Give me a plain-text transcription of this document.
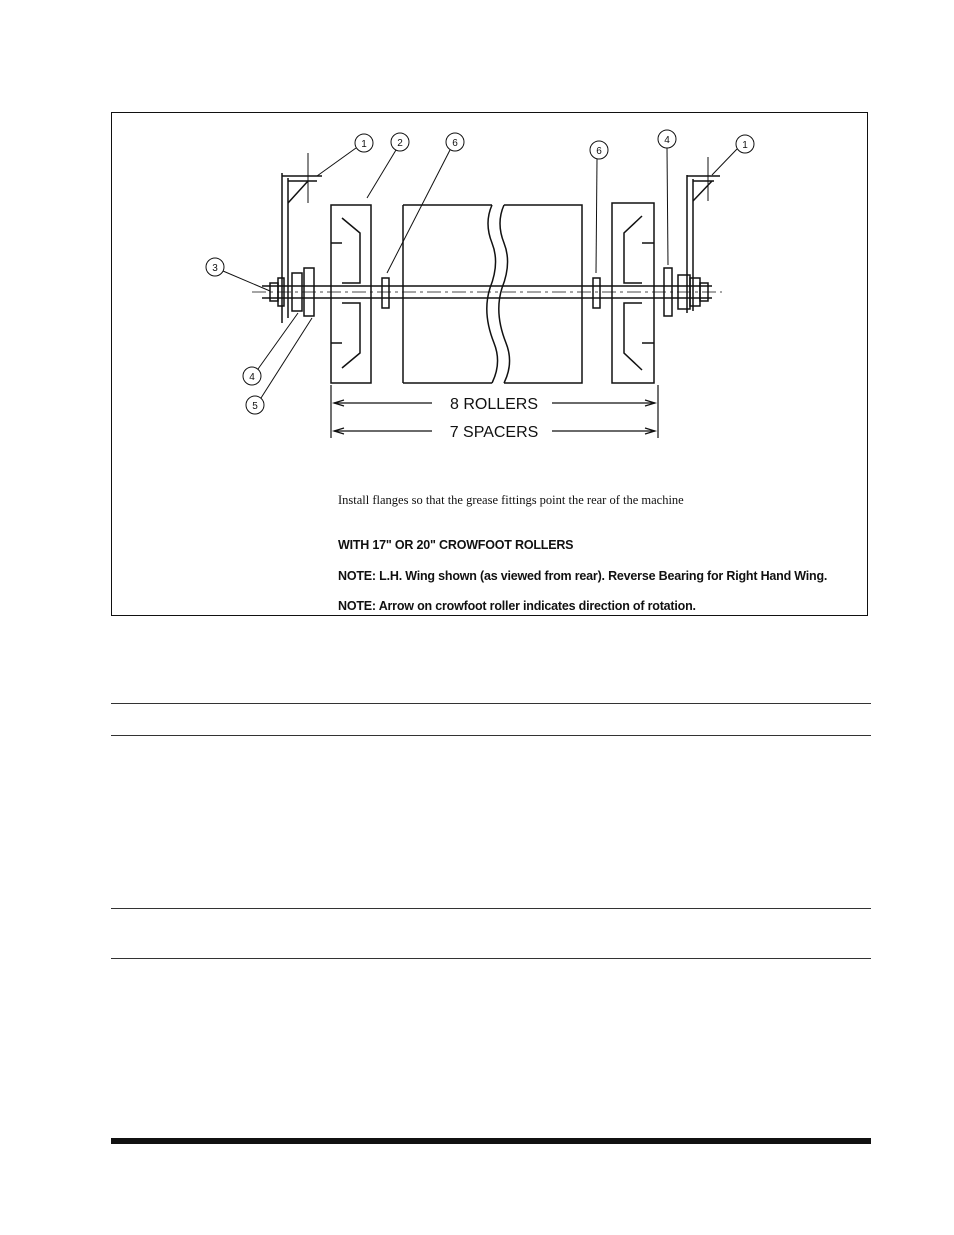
1	2	6
6
4	1
3
4
5	8 ROLLERS
7 SPACERS
Install flanges so that the grease fittings point the rear of the machine
WITH 17" OR 20" CROWFOOT ROLLERS
NOTE: L.H. Wing shown (as viewed from rear). Reverse Bearing for Right Hand Wing.
NOTE: Arrow on crowfoot roller indicates direction of rotation.
